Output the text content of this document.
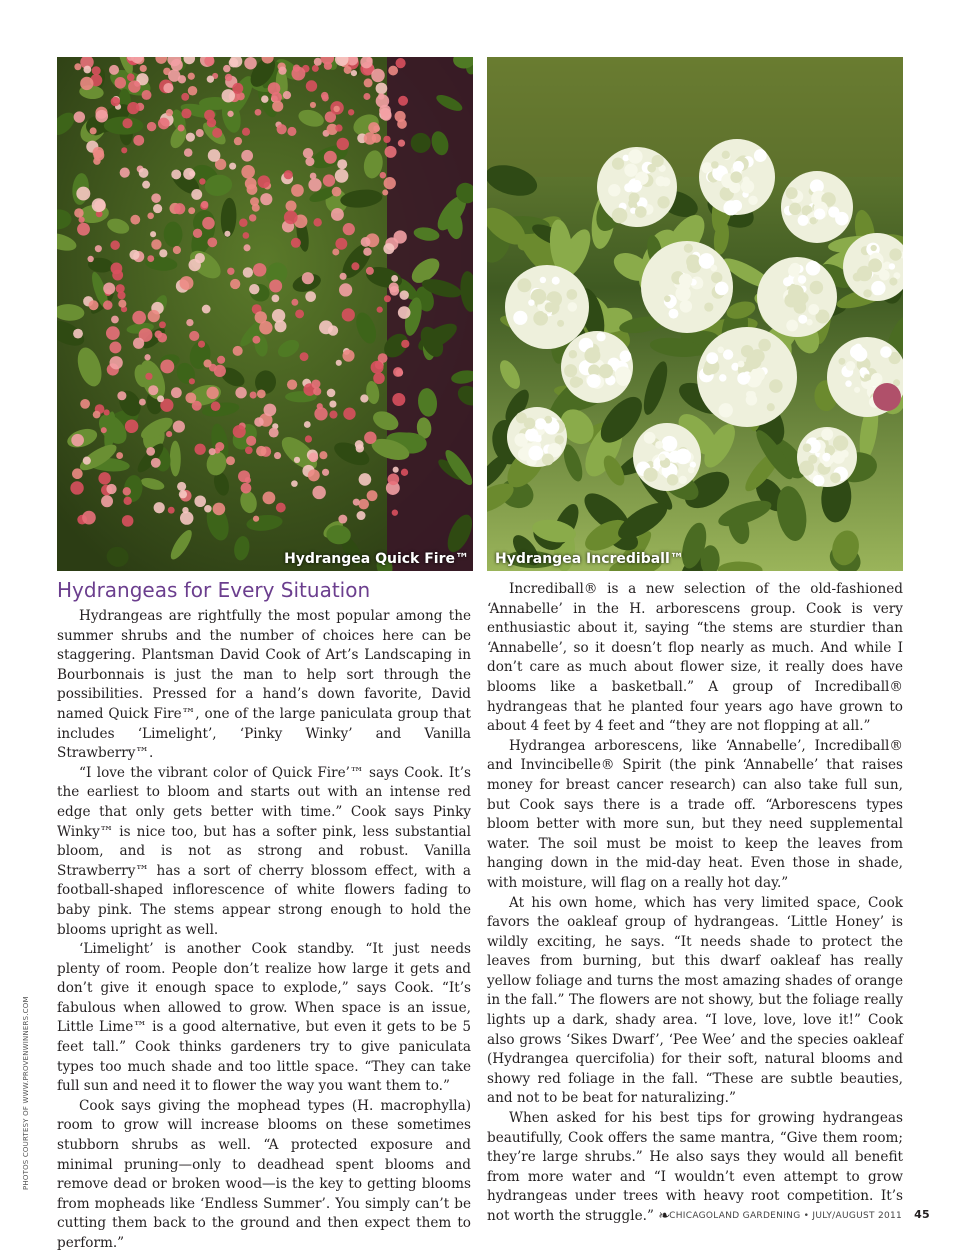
Hydrangea Quick Fire™ Hydrangea Incrediball™
PHOTOS COURTESY OF WWW.PROVENWINNERS.COM
Hydrangeas for Every Situation

Hydrangeas are rightfully the most popular among the summer shrubs and the number of choices here can be staggering. Plantsman David Cook of Art’s Landscaping in Bourbonnais is just the man to help sort through the possibilities. Pressed for a hand’s down favorite, David named Quick Fire™, one of the large paniculata group that includes ‘Limelight’, ‘Pinky Winky’ and Vanilla Strawberry™.

“I love the vibrant color of Quick Fire’™ says Cook. It’s the earliest to bloom and starts out with an intense red edge that only gets better with time.” Cook says Pinky Winky™ is nice too, but has a softer pink, less substantial bloom, and is not as strong and robust. Vanilla Strawberry™ has a sort of cherry blossom effect, with a football-shaped inflorescence of white flowers fading to baby pink. The stems appear strong enough to hold the blooms upright as well.

‘Limelight’ is another Cook standby. “It just needs plenty of room. People don’t realize how large it gets and don’t give it enough space to explode,” says Cook. “It’s fabulous when allowed to grow. When space is an issue, Little Lime™ is a good alternative, but even it gets to be 5 feet tall.” Cook thinks gardeners try to give paniculata types too much shade and too little space. “They can take full sun and need it to flower the way you want them to.”

Cook says giving the mophead types (H. macrophylla) room to grow will increase blooms on these sometimes stubborn shrubs as well. “A protected exposure and minimal pruning—only to deadhead spent blooms and remove dead or broken wood—is the key to getting blooms from mopheads like ‘Endless Summer’. You simply can’t be cutting them back to the ground and then expect them to perform.”

Incrediball® is a new selection of the old-fashioned ‘Annabelle’ in the H. arborescens group. Cook is very enthusiastic about it, saying “the stems are sturdier than ‘Annabelle’, so it doesn’t flop nearly as much. And while I don’t care as much about flower size, it really does have blooms like a basketball.” A group of Incrediball® hydrangeas that he planted four years ago have grown to about 4 feet by 4 feet and “they are not flopping at all.”

Hydrangea arborescens, like ‘Annabelle’, Incrediball® and Invincibelle® Spirit (the pink ‘Annabelle’ that raises money for breast cancer research) can also take full sun, but Cook says there is a trade off. “Arborescens types bloom better with more sun, but they need supplemental water. The soil must be moist to keep the leaves from hanging down in the mid-day heat. Even those in shade, with moisture, will flag on a really hot day.”

At his own home, which has very limited space, Cook favors the oakleaf group of hydrangeas. ‘Little Honey’ is wildly exciting, he says. “It needs shade to protect the leaves from burning, but this dwarf oakleaf has really yellow foliage and turns the most amazing shades of orange in the fall.” The flowers are not showy, but the foliage really lights up a dark, shady area. “I love, love, love it!” Cook also grows ‘Sikes Dwarf’, ‘Pee Wee’ and the species oakleaf (Hydrangea quercifolia) for their soft, natural blooms and showy red foliage in the fall. “These are subtle beauties, and not to be beat for naturalizing.”

When asked for his best tips for growing hydrangeas beautifully, Cook offers the same mantra, “Give them room; they’re large shrubs.” He also says they would all benefit from more water and “I wouldn’t even attempt to grow hydrangeas under trees with heavy root competition. It’s not worth the struggle.” ❧ CHICAGOLAND GARDENING • JULY/AUGUST 2011 45
